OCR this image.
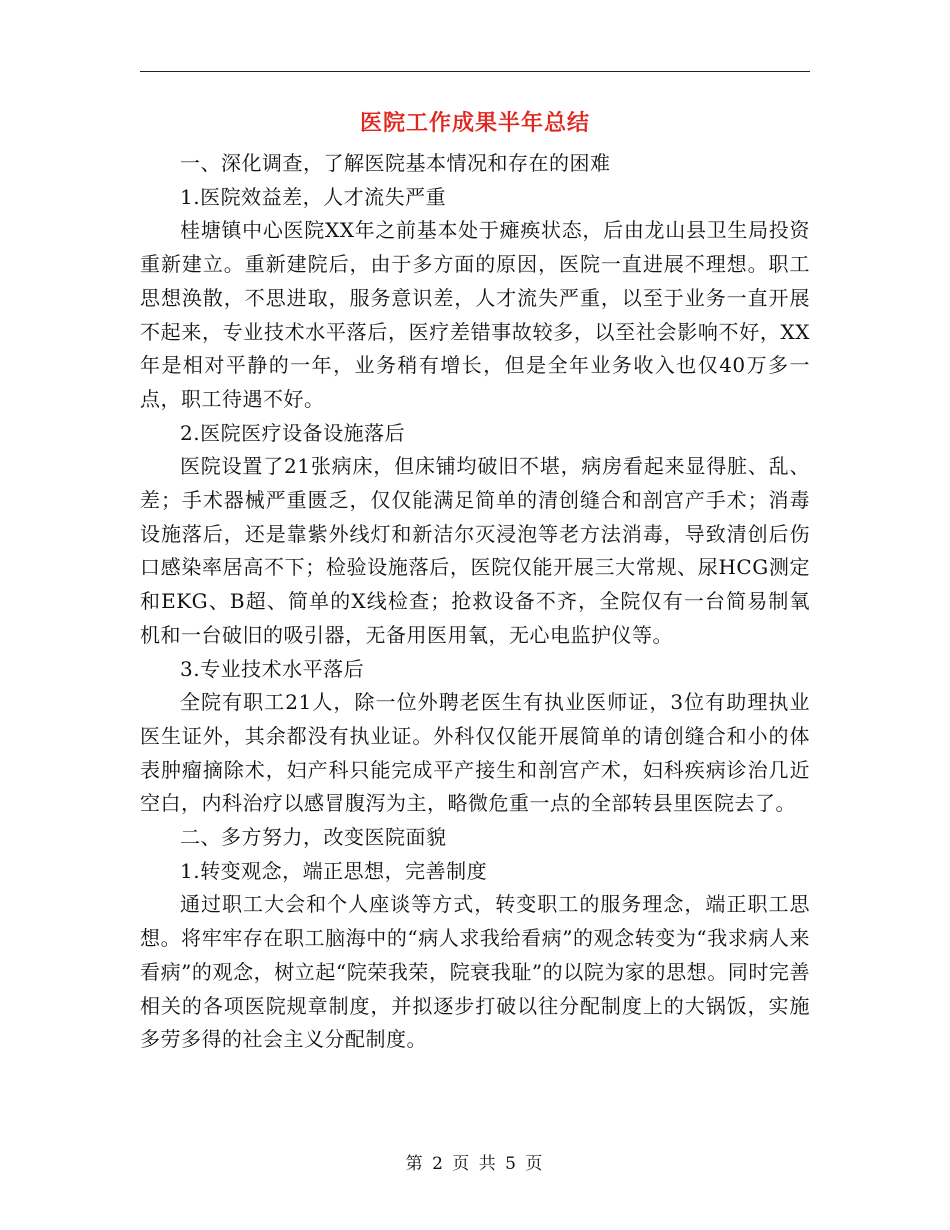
医院工作成果半年总结

一、深化调查，了解医院基本情况和存在的困难

1.医院效益差，人才流失严重

桂塘镇中心医院XX年之前基本处于瘫痪状态，后由龙山县卫生局投资重新建立。重新建院后，由于多方面的原因，医院一直进展不理想。职工思想涣散，不思进取，服务意识差，人才流失严重，以至于业务一直开展不起来，专业技术水平落后，医疗差错事故较多，以至社会影响不好，XX年是相对平静的一年，业务稍有增长，但是全年业务收入也仅40万多一点，职工待遇不好。

2.医院医疗设备设施落后

医院设置了21张病床，但床铺均破旧不堪，病房看起来显得脏、乱、差；手术器械严重匮乏，仅仅能满足简单的清创缝合和剖宫产手术；消毒设施落后，还是靠紫外线灯和新洁尔灭浸泡等老方法消毒，导致清创后伤口感染率居高不下；检验设施落后，医院仅能开展三大常规、尿HCG测定和EKG、B超、简单的X线检查；抢救设备不齐，全院仅有一台简易制氧机和一台破旧的吸引器，无备用医用氧，无心电监护仪等。

3.专业技术水平落后

全院有职工21人，除一位外聘老医生有执业医师证，3位有助理执业医生证外，其余都没有执业证。外科仅仅能开展简单的请创缝合和小的体表肿瘤摘除术，妇产科只能完成平产接生和剖宫产术，妇科疾病诊治几近空白，内科治疗以感冒腹泻为主，略微危重一点的全部转县里医院去了。

二、多方努力，改变医院面貌

1.转变观念，端正思想，完善制度

通过职工大会和个人座谈等方式，转变职工的服务理念，端正职工思想。将牢牢存在职工脑海中的“病人求我给看病”的观念转变为“我求病人来看病”的观念，树立起“院荣我荣，院衰我耻”的以院为家的思想。同时完善相关的各项医院规章制度，并拟逐步打破以往分配制度上的大锅饭，实施多劳多得的社会主义分配制度。

第 2 页 共 5 页
